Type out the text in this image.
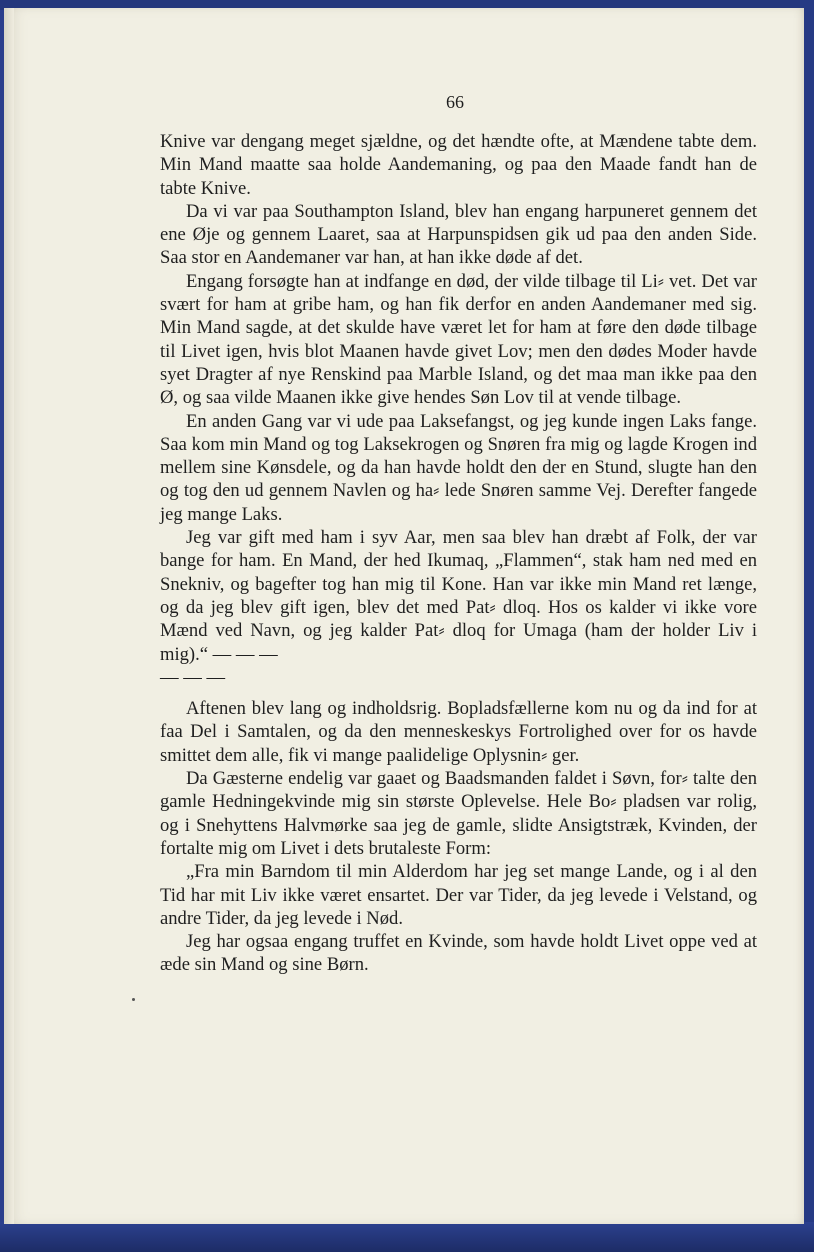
66

Knive var dengang meget sjældne, og det hændte ofte, at Mændene tabte dem. Min Mand maatte saa holde Aandemaning, og paa den Maade fandt han de tabte Knive.

Da vi var paa Southampton Island, blev han engang harpuneret gennem det ene Øje og gennem Laaret, saa at Harpunspidsen gik ud paa den anden Side. Saa stor en Aandemaner var han, at han ikke døde af det.

Engang forsøgte han at indfange en død, der vilde tilbage til Li⸗ vet. Det var svært for ham at gribe ham, og han fik derfor en anden Aandemaner med sig. Min Mand sagde, at det skulde have været let for ham at føre den døde tilbage til Livet igen, hvis blot Maanen havde givet Lov; men den dødes Moder havde syet Dragter af nye Renskind paa Marble Island, og det maa man ikke paa den Ø, og saa vilde Maanen ikke give hendes Søn Lov til at vende tilbage.

En anden Gang var vi ude paa Laksefangst, og jeg kunde ingen Laks fange. Saa kom min Mand og tog Laksekrogen og Snøren fra mig og lagde Krogen ind mellem sine Kønsdele, og da han havde holdt den der en Stund, slugte han den og tog den ud gennem Navlen og ha⸗ lede Snøren samme Vej. Derefter fangede jeg mange Laks.

Jeg var gift med ham i syv Aar, men saa blev han dræbt af Folk, der var bange for ham. En Mand, der hed Ikumaq, „Flammen“, stak ham ned med en Snekniv, og bagefter tog han mig til Kone. Han var ikke min Mand ret længe, og da jeg blev gift igen, blev det med Pat⸗ dloq. Hos os kalder vi ikke vore Mænd ved Navn, og jeg kalder Pat⸗ dloq for Umaga (ham der holder Liv i mig).“ — — —

— — —

Aftenen blev lang og indholdsrig. Bopladsfællerne kom nu og da ind for at faa Del i Samtalen, og da den menneskeskys Fortrolighed over for os havde smittet dem alle, fik vi mange paalidelige Oplysnin⸗ ger.

Da Gæsterne endelig var gaaet og Baadsmanden faldet i Søvn, for⸗ talte den gamle Hedningekvinde mig sin største Oplevelse. Hele Bo⸗ pladsen var rolig, og i Snehyttens Halvmørke saa jeg de gamle, slidte Ansigtstræk, Kvinden, der fortalte mig om Livet i dets brutaleste Form:

„Fra min Barndom til min Alderdom har jeg set mange Lande, og i al den Tid har mit Liv ikke været ensartet. Der var Tider, da jeg levede i Velstand, og andre Tider, da jeg levede i Nød.

Jeg har ogsaa engang truffet en Kvinde, som havde holdt Livet oppe ved at æde sin Mand og sine Børn.
